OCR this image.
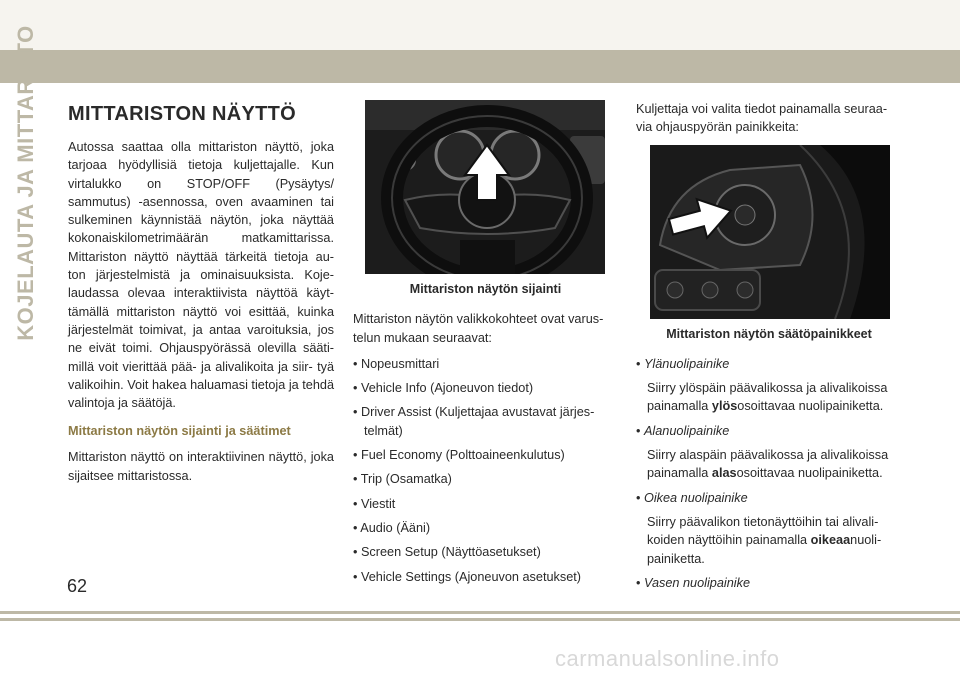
KOJELAUTA JA MITTARISTO MITTARISTON NÄYTTÖ

Autossa saattaa olla mittariston näyttö, joka tarjoaa hyödyllisiä tietoja kuljettajalle. Kun virtalukko on STOP/OFF (Pysäytys/ sammutus) -asennossa, oven avaaminen tai sulkeminen käynnistää näytön, joka näyttää kokonaiskilometrimäärän matkamittarissa. Mittariston näyttö näyttää tärkeitä tietoja au- ton järjestelmistä ja ominaisuuksista. Koje- laudassa olevaa interaktiivista näyttöä käyt- tämällä mittariston näyttö voi esittää, kuinka järjestelmät toimivat, ja antaa varoituksia, jos ne eivät toimi. Ohjauspyörässä olevilla sääti- millä voit vierittää pää- ja alivalikoita ja siir- tyä valikoihin. Voit hakea haluamasi tietoja ja tehdä valintoja ja säätöjä.

Mittariston näytön sijainti ja säätimet

Mittariston näyttö on interaktiivinen näyttö, joka sijaitsee mittaristossa.

Mittariston näytön sijainti

Mittariston näytön valikkokohteet ovat varus- telun mukaan seuraavat:

• Nopeusmittari
• Vehicle Info (Ajoneuvon tiedot)
• Driver Assist (Kuljettajaa avustavat järjes- telmät)
• Fuel Economy (Polttoaineenkulutus)
• Trip (Osamatka)
• Viestit
• Audio (Ääni)
• Screen Setup (Näyttöasetukset)
• Vehicle Settings (Ajoneuvon asetukset)

Kuljettaja voi valita tiedot painamalla seuraa- via ohjauspyörän painikkeita:

Mittariston näytön säätöpainikkeet
• Ylänuolipainike
Siirry ylöspäin päävalikossa ja alivalikoissa painamalla ylösosoittavaa nuolipainiketta.
• Alanuolipainike
Siirry alaspäin päävalikossa ja alivalikoissa painamalla alasosoittavaa nuolipainiketta.
• Oikea nuolipainike
Siirry päävalikon tietonäyttöihin tai alivali- koiden näyttöihin painamalla oikeaanuoli- painiketta.
• Vasen nuolipainike
62
carmanualsonline.info
